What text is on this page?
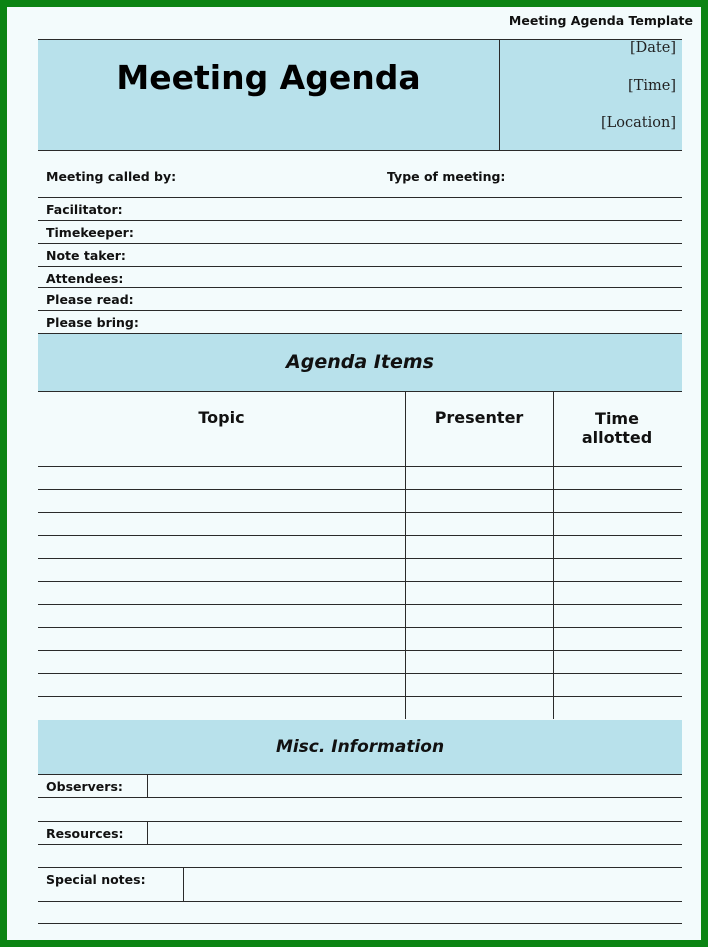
Meeting Agenda Template
Meeting Agenda
[Date]
[Time]
[Location]
Meeting called by:	Type of meeting:
Facilitator:
Timekeeper:
Note taker:
Attendees:
Please read:
Please bring:
Agenda Items
Topic	Presenter	Time allotted
Misc. Information
Observers:
Resources:
Special notes:
